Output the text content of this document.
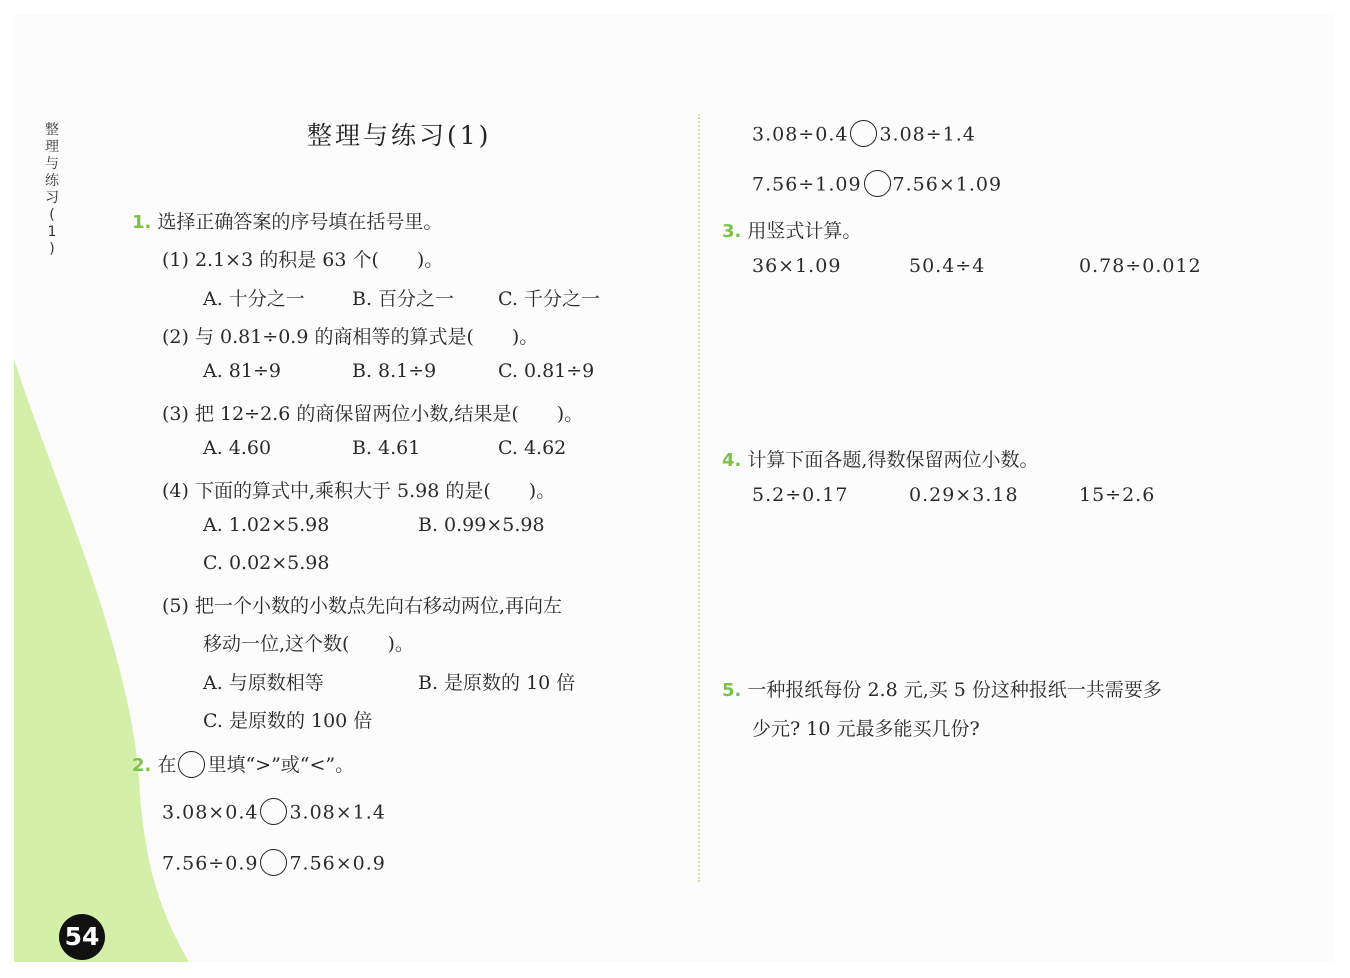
整
理
与
练
习
(
1
)
54
整理与练习(1)
1. 选择正确答案的序号填在括号里。
(1) 2.1×3 的积是 63 个(　　)。
A. 十分之一 B. 百分之一 C. 千分之一
(2) 与 0.81÷0.9 的商相等的算式是(　　)。
A. 81÷9	B. 8.1÷9	C. 0.81÷9
(3) 把 12÷2.6 的商保留两位小数,结果是(　　)。
A. 4.60	B. 4.61	C. 4.62
(4) 下面的算式中,乘积大于 5.98 的是(　　)。
A. 1.02×5.98	B. 0.99×5.98
C. 0.02×5.98
(5) 把一个小数的小数点先向右移动两位,再向左
移动一位,这个数(　　)。
A. 与原数相等	B. 是原数的 10 倍
C. 是原数的 100 倍
2. 在 里填“>”或“<”。
3.08×0.4 3.08×1.4
7.56÷0.9 7.56×0.9
3.08÷0.4 3.08÷1.4
7.56÷1.09 7.56×1.09
3. 用竖式计算。
36×1.09	50.4÷4	0.78÷0.012
4. 计算下面各题,得数保留两位小数。
5.2÷0.17	0.29×3.18	15÷2.6
5. 一种报纸每份 2.8 元,买 5 份这种报纸一共需要多
少元? 10 元最多能买几份?
